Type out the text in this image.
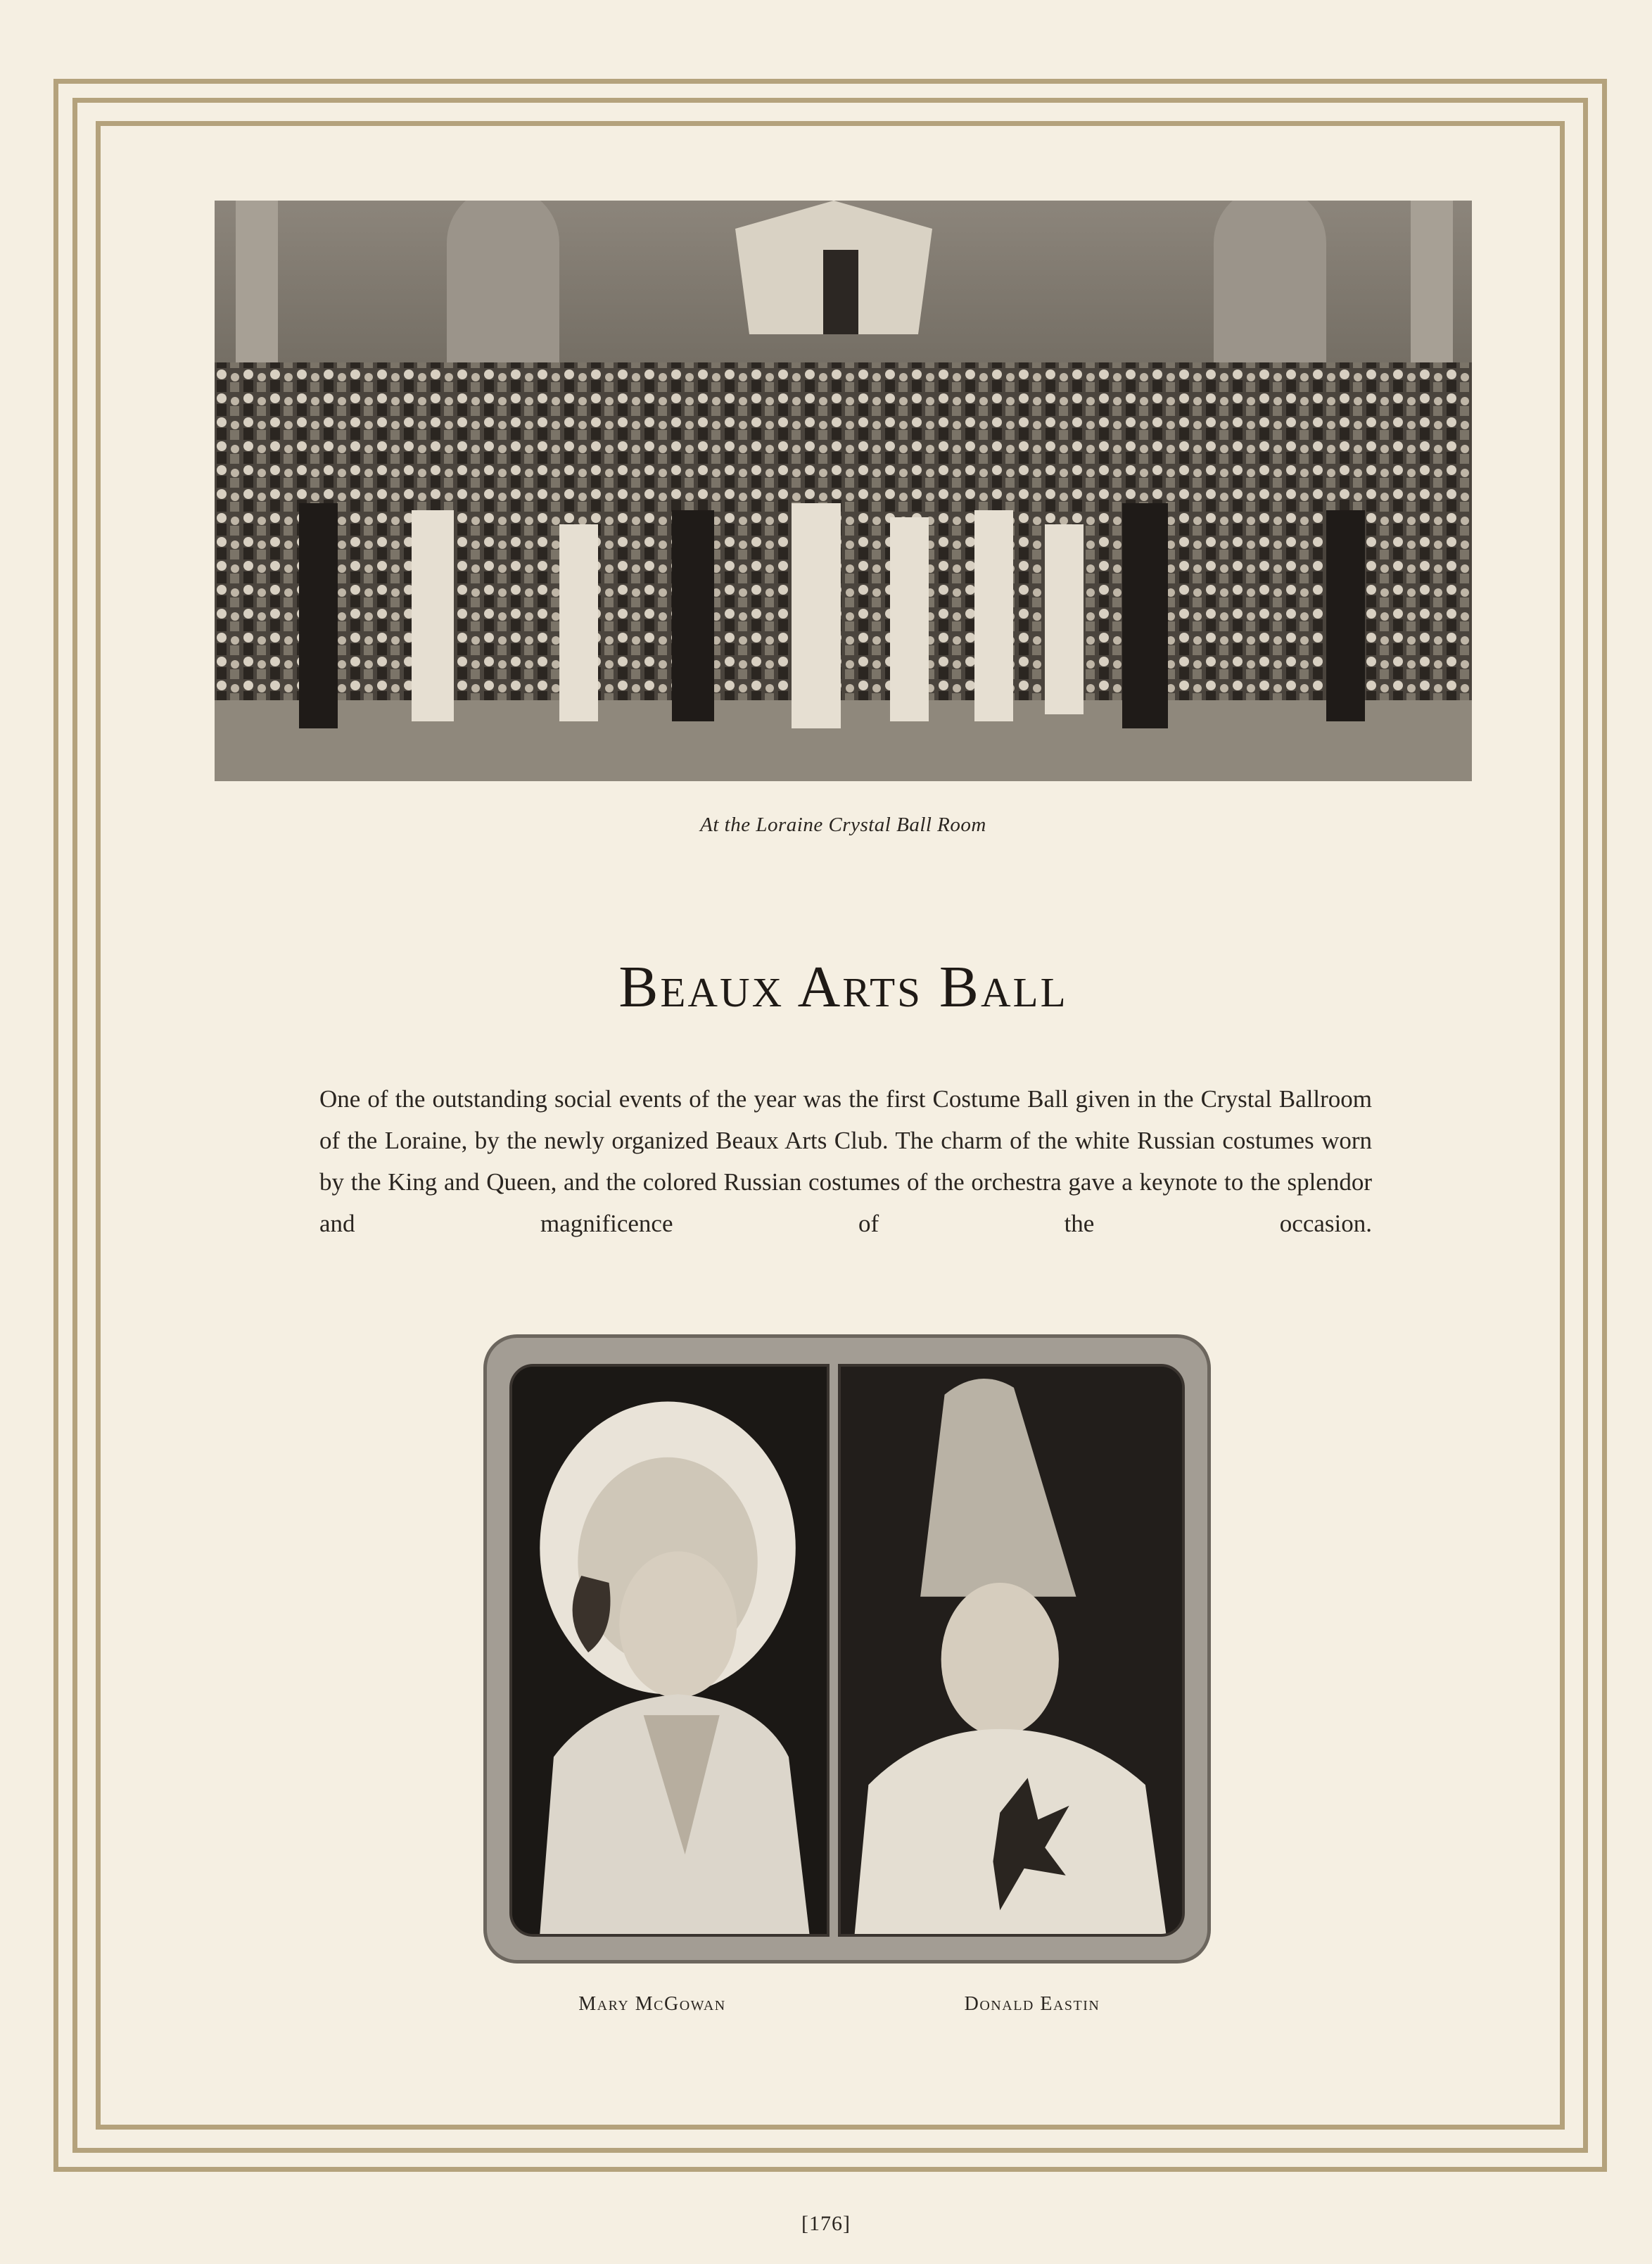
At the Loraine Crystal Ball Room
Beaux Arts Ball
One of the outstanding social events of the year was the first Costume Ball given in the Crystal Ballroom of the Loraine, by the newly organized Beaux Arts Club. The charm of the white Russian costumes worn by the King and Queen, and the colored Russian costumes of the orchestra gave a keynote to the splendor and magnificence of the occasion.
Mary McGowan	Donald Eastin
[176]
